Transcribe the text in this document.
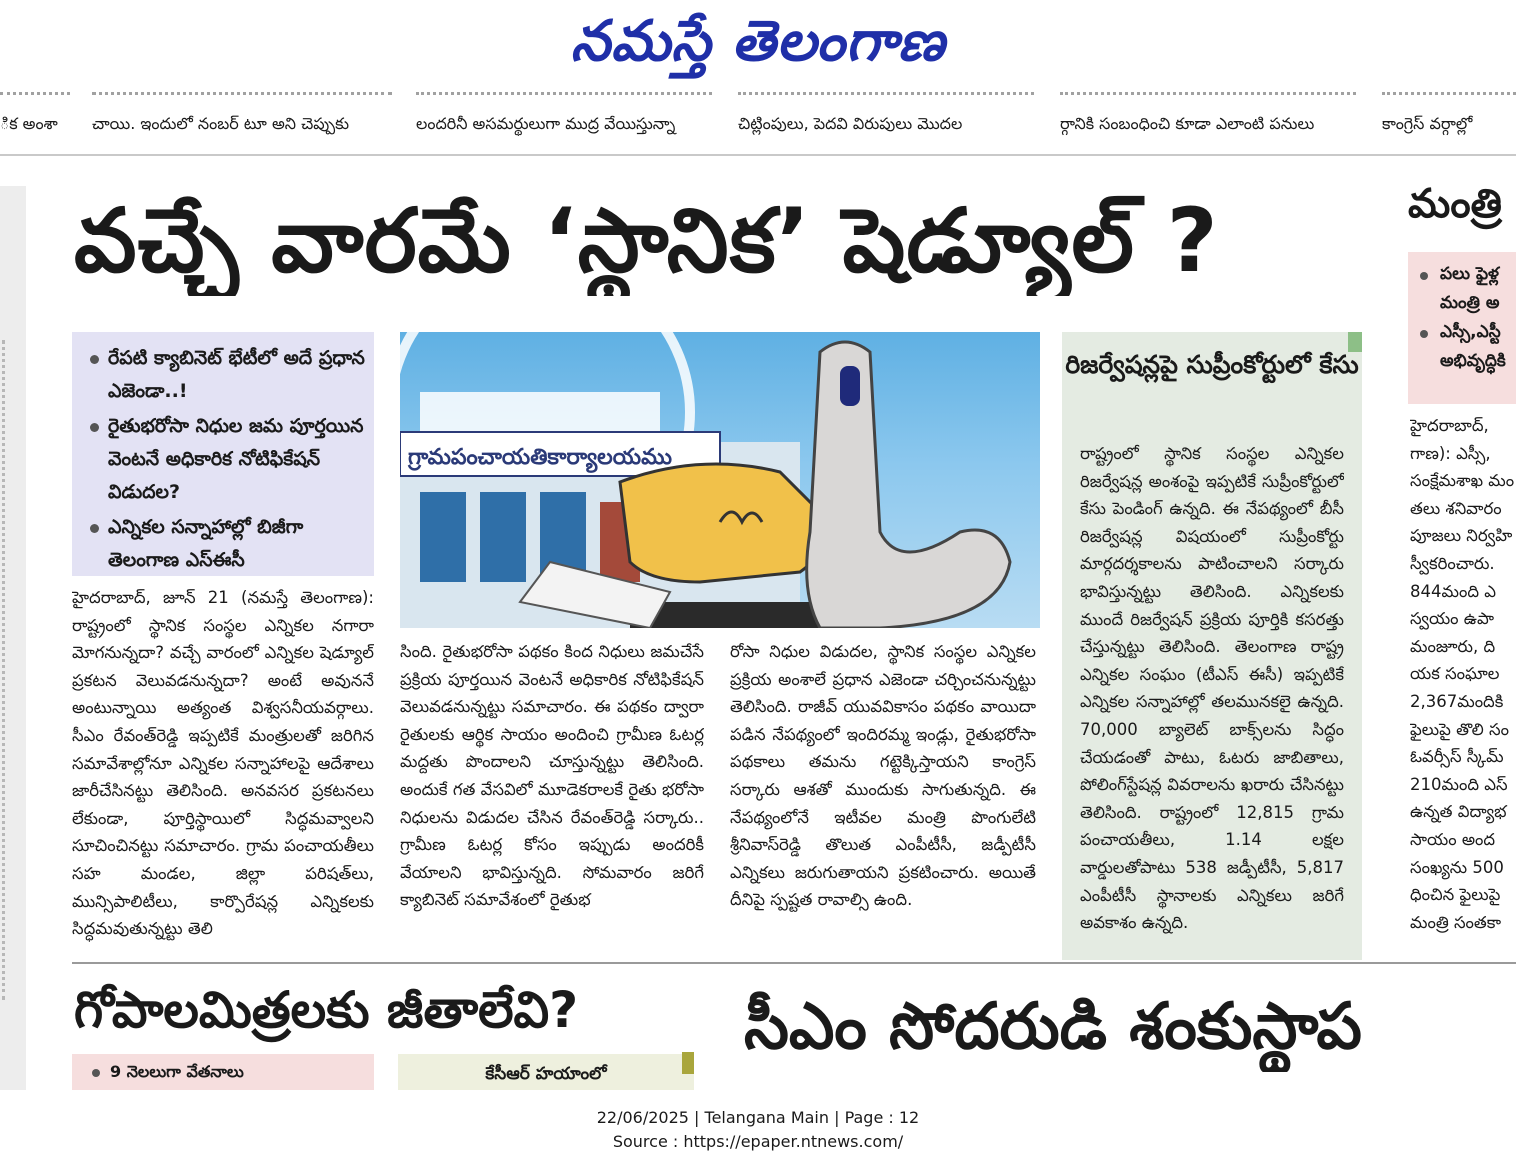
నమస్తే తెలంగాణ
ిక అంశా	చాయి. ఇందులో నంబర్ టూ అని చెప్పుకు	లందరినీ అసమర్థులుగా ముద్ర వేయిస్తున్నా	చిట్లింపులు, పెదవి విరుపులు మొదల	ర్గానికి సంబంధించి కూడా ఎలాంటి పనులు	కాంగ్రెస్ వర్గాల్లో
వచ్చే వారమే ‘స్థానిక’ షెడ్యూల్ ?
రేపటి క్యాబినెట్ భేటీలో అదే ప్రధాన ఎజెండా..!
రైతుభరోసా నిధుల జమ పూర్తయిన వెంటనే అధికారిక నోటిఫికేషన్ విడుదల?
ఎన్నికల సన్నాహాల్లో బిజీగా తెలంగాణ ఎస్ఈసీ
గ్రామపంచాయతికార్యాలయము
హైదరాబాద్, జూన్ 21 (నమస్తే తెలంగాణ): రాష్ట్రంలో స్థానిక సంస్థల ఎన్నికల నగారా మోగనున్నదా? వచ్చే వారంలో ఎన్నికల షెడ్యూల్ ప్రకటన వెలువడనున్నదా? అంటే అవుననే అంటున్నాయి అత్యంత విశ్వసనీయవర్గాలు. సీఎం రేవంత్‌రెడ్డి ఇప్పటికే మంత్రులతో జరిగిన సమావేశాల్లోనూ ఎన్నికల సన్నాహాలపై ఆదేశాలు జారీచేసినట్టు తెలిసింది. అనవసర ప్రకటనలు లేకుండా, పూర్తిస్థాయిలో సిద్ధమవ్వాలని సూచించినట్టు సమాచారం. గ్రామ పంచాయతీలు సహ మండల, జిల్లా పరిషత్‌లు, మున్సిపాలిటీలు, కార్పొరేషన్ల ఎన్నికలకు సిద్ధమవుతున్నట్టు తెలి
సింది. రైతుభరోసా పథకం కింద నిధులు జమచేసే ప్రక్రియ పూర్తయిన వెంటనే అధికారిక నోటిఫికేషన్ వెలువడనున్నట్టు సమాచారం. ఈ పథకం ద్వారా రైతులకు ఆర్థిక సాయం అందించి గ్రామీణ ఓటర్ల మద్దతు పొందాలని చూస్తున్నట్టు తెలిసింది. అందుకే గత వేసవిలో మూడెకరాలకే రైతు భరోసా నిధులను విడుదల చేసిన రేవంత్‌రెడ్డి సర్కారు.. గ్రామీణ ఓటర్ల కోసం ఇప్పుడు అందరికీ వేయాలని భావిస్తున్నది. సోమవారం జరిగే క్యాబినెట్ సమావేశంలో రైతుభ
రోసా నిధుల విడుదల, స్థానిక సంస్థల ఎన్నికల ప్రక్రియ అంశాలే ప్రధాన ఎజెండా చర్చించనున్నట్టు తెలిసింది. రాజీవ్ యువవికాసం పథకం వాయిదా పడిన నేపథ్యంలో ఇందిరమ్మ ఇండ్లు, రైతుభరోసా పథకాలు తమను గట్టెక్కిస్తాయని కాంగ్రెస్ సర్కారు ఆశతో ముందుకు సాగుతున్నది. ఈ నేపథ్యంలోనే ఇటీవల మంత్రి పొంగులేటి శ్రీనివాస్‌రెడ్డి తొలుత ఎంపీటీసీ, జడ్పీటీసీ ఎన్నికలు జరుగుతాయని ప్రకటించారు. అయితే దీనిపై స్పష్టత రావాల్సి ఉంది.
రిజర్వేషన్లపై సుప్రీంకోర్టులో కేసు
రాష్ట్రంలో స్థానిక సంస్థల ఎన్నికల రిజర్వేషన్ల అంశంపై ఇప్పటికే సుప్రీంకోర్టులో కేసు పెండింగ్ ఉన్నది. ఈ నేపథ్యంలో బీసీ రిజర్వేషన్ల విషయంలో సుప్రీంకోర్టు మార్గదర్శకాలను పాటించాలని సర్కారు భావిస్తున్నట్టు తెలిసింది. ఎన్నికలకు ముందే రిజర్వేషన్ ప్రక్రియ పూర్తికి కసరత్తు చేస్తున్నట్టు తెలిసింది. తెలంగాణ రాష్ట్ర ఎన్నికల సంఘం (టీఎస్ ఈసీ) ఇప్పటికే ఎన్నికల సన్నాహాల్లో తలమునకలై ఉన్నది. 70,000 బ్యాలెట్ బాక్స్‌లను సిద్ధం చేయడంతో పాటు, ఓటరు జాబితాలు, పోలింగ్‌స్టేషన్ల వివరాలను ఖరారు చేసినట్టు తెలిసింది. రాష్ట్రంలో 12,815 గ్రామ పంచాయతీలు, 1.14 లక్షల వార్డులతోపాటు 538 జడ్పీటీసీ, 5,817 ఎంపీటీసీ స్థానాలకు ఎన్నికలు జరిగే అవకాశం ఉన్నది.
మంత్రి
పలు ఫైళ్ల
మంత్రి అ
ఎస్సీ,ఎస్టీ
అభివృద్ధికి
హైదరాబాద్,
గాణ): ఎస్సీ,
సంక్షేమశాఖ మం
తలు శనివారం
పూజలు నిర్వహి
స్వీకరించారు.
844మంది ఎ
స్వయం ఉపా
మంజూరు, ది
యక సంఘాల
2,367మందికి
ఫైలుపై తొలి సం
ఓవర్సీస్ స్కీమ్
210మంది ఎస్
ఉన్నత విద్యాభ
సాయం అంద
సంఖ్యను 500
ధించిన ఫైలుపై
మంత్రి సంతకా
గోపాలమిత్రలకు జీతాలేవి?	సీఎం సోదరుడి శంకుస్థాప
9 నెలలుగా వేతనాలు	కేసీఆర్ హయాంలో
22/06/2025 | Telangana Main | Page : 12
Source : https://epaper.ntnews.com/
